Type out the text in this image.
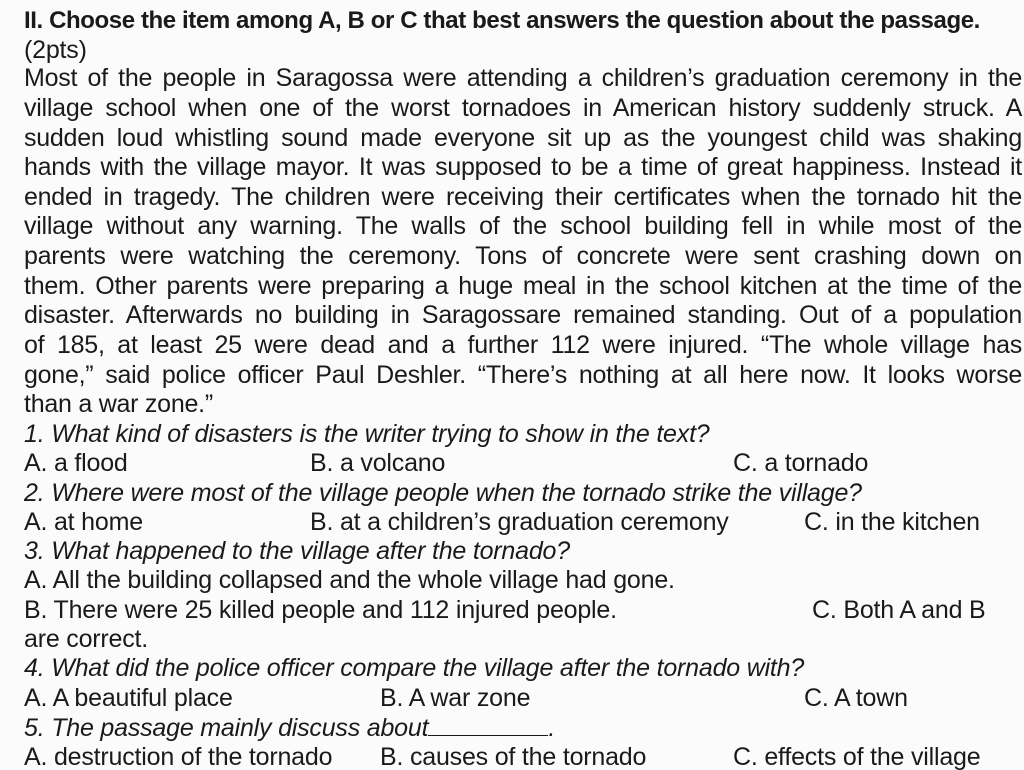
II. Choose the item among A, B or C that best answers the question about the passage.
(2pts)
Most of the people in Saragossa were attending a children’s graduation ceremony in the
village school when one of the worst tornadoes in American history suddenly struck. A
sudden loud whistling sound made everyone sit up as the youngest child was shaking
hands with the village mayor. It was supposed to be a time of great happiness. Instead it
ended in tragedy. The children were receiving their certificates when the tornado hit the
village without any warning. The walls of the school building fell in while most of the
parents were watching the ceremony. Tons of concrete were sent crashing down on
them. Other parents were preparing a huge meal in the school kitchen at the time of the
disaster. Afterwards no building in Saragossare remained standing. Out of a population
of 185, at least 25 were dead and a further 112 were injured. “The whole village has
gone,” said police officer Paul Deshler. “There’s nothing at all here now. It looks worse
than a war zone.”
1. What kind of disasters is the writer trying to show in the text?
A. a flood	B. a volcano	C. a tornado
2. Where were most of the village people when the tornado strike the village?
A. at home	B. at a children’s graduation ceremony	C. in the kitchen
3. What happened to the village after the tornado?
A. All the building collapsed and the whole village had gone.
B. There were 25 killed people and 112 injured people.	C. Both A and B
are correct.
4. What did the police officer compare the village after the tornado with?
A. A beautiful place	B. A war zone	C. A town
5. The passage mainly discuss about	.
A. destruction of the tornado B. causes of the tornado	C. effects of the village
